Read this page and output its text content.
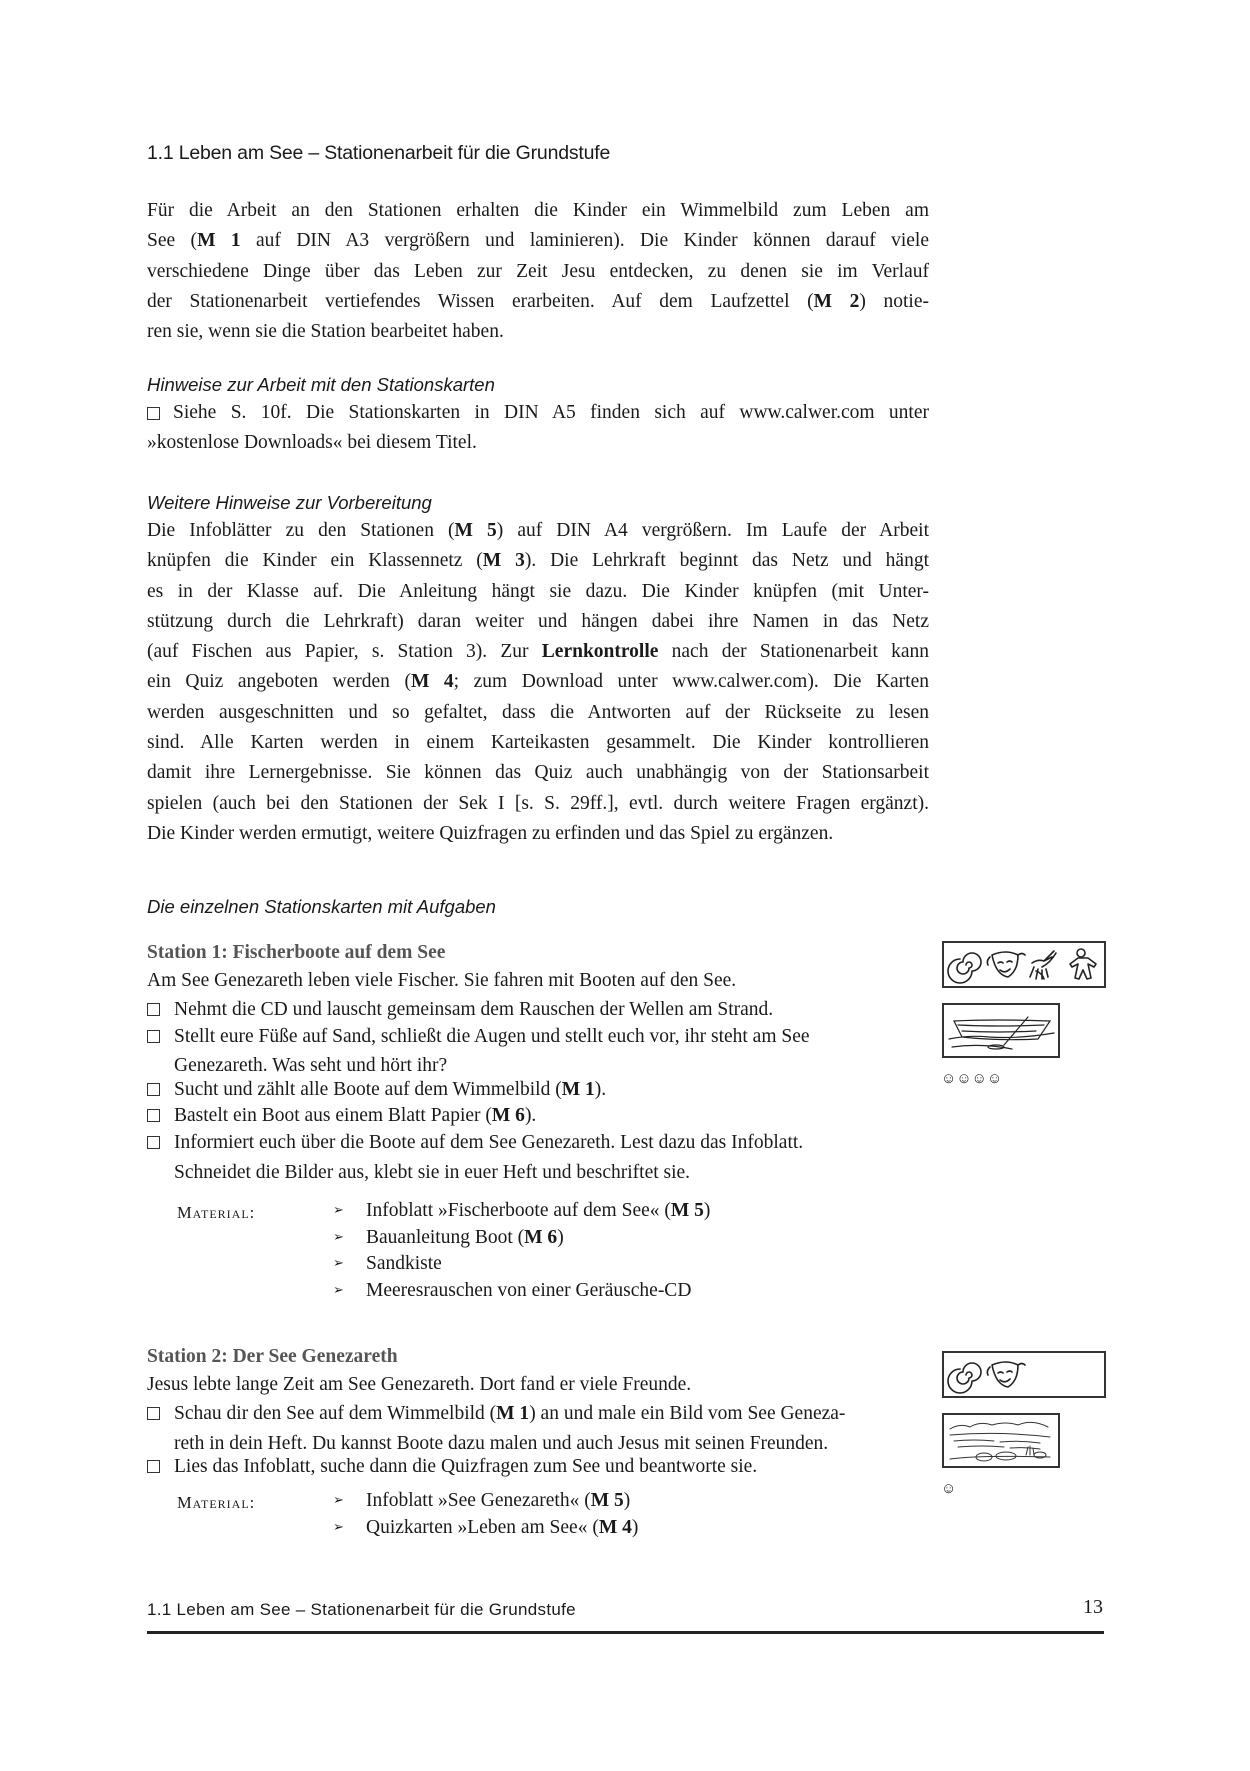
1.1 Leben am See – Stationenarbeit für die Grundstufe
Für die Arbeit an den Stationen erhalten die Kinder ein Wimmelbild zum Leben am
See (M 1 auf DIN A3 vergrößern und laminieren). Die Kinder können darauf viele
verschiedene Dinge über das Leben zur Zeit Jesu entdecken, zu denen sie im Verlauf
der Stationenarbeit vertiefendes Wissen erarbeiten. Auf dem Laufzettel (M 2) notie-
ren sie, wenn sie die Station bearbeitet haben.
Hinweise zur Arbeit mit den Stationskarten
Siehe S. 10f. Die Stationskarten in DIN A5 finden sich auf www.calwer.com unter
»kostenlose Downloads« bei diesem Titel.
Weitere Hinweise zur Vorbereitung
Die Infoblätter zu den Stationen (M 5) auf DIN A4 vergrößern. Im Laufe der Arbeit
knüpfen die Kinder ein Klassennetz (M 3). Die Lehrkraft beginnt das Netz und hängt
es in der Klasse auf. Die Anleitung hängt sie dazu. Die Kinder knüpfen (mit Unter-
stützung durch die Lehrkraft) daran weiter und hängen dabei ihre Namen in das Netz
(auf Fischen aus Papier, s. Station 3). Zur Lernkontrolle nach der Stationenarbeit kann
ein Quiz angeboten werden (M 4; zum Download unter www.calwer.com). Die Karten
werden ausgeschnitten und so gefaltet, dass die Antworten auf der Rückseite zu lesen
sind. Alle Karten werden in einem Karteikasten gesammelt. Die Kinder kontrollieren
damit ihre Lernergebnisse. Sie können das Quiz auch unabhängig von der Stationsarbeit
spielen (auch bei den Stationen der Sek I [s. S. 29ff.], evtl. durch weitere Fragen ergänzt).
Die Kinder werden ermutigt, weitere Quizfragen zu erfinden und das Spiel zu ergänzen.
Die einzelnen Stationskarten mit Aufgaben
Station 1: Fischerboote auf dem See
Am See Genezareth leben viele Fischer. Sie fahren mit Booten auf den See.
Nehmt die CD und lauscht gemeinsam dem Rauschen der Wellen am Strand.
Stellt eure Füße auf Sand, schließt die Augen und stellt euch vor, ihr steht am See
Genezareth. Was seht und hört ihr?
Sucht und zählt alle Boote auf dem Wimmelbild (M 1).
Bastelt ein Boot aus einem Blatt Papier (M 6).
Informiert euch über die Boote auf dem See Genezareth. Lest dazu das Infoblatt.
Schneidet die Bilder aus, klebt sie in euer Heft und beschriftet sie.
Material:	➢ Infoblatt »Fischerboote auf dem See« (M 5)
➢ Bauanleitung Boot (M 6)
➢ Sandkiste
➢ Meeresrauschen von einer Geräusche-CD
☺☺☺☺
Station 2: Der See Genezareth
Jesus lebte lange Zeit am See Genezareth. Dort fand er viele Freunde.
Schau dir den See auf dem Wimmelbild (M 1) an und male ein Bild vom See Geneza-
reth in dein Heft. Du kannst Boote dazu malen und auch Jesus mit seinen Freunden.
Lies das Infoblatt, suche dann die Quizfragen zum See und beantworte sie.
Material:	➢ Infoblatt »See Genezareth« (M 5)
➢ Quizkarten »Leben am See« (M 4)
☺
1.1 Leben am See – Stationenarbeit für die Grundstufe	13
